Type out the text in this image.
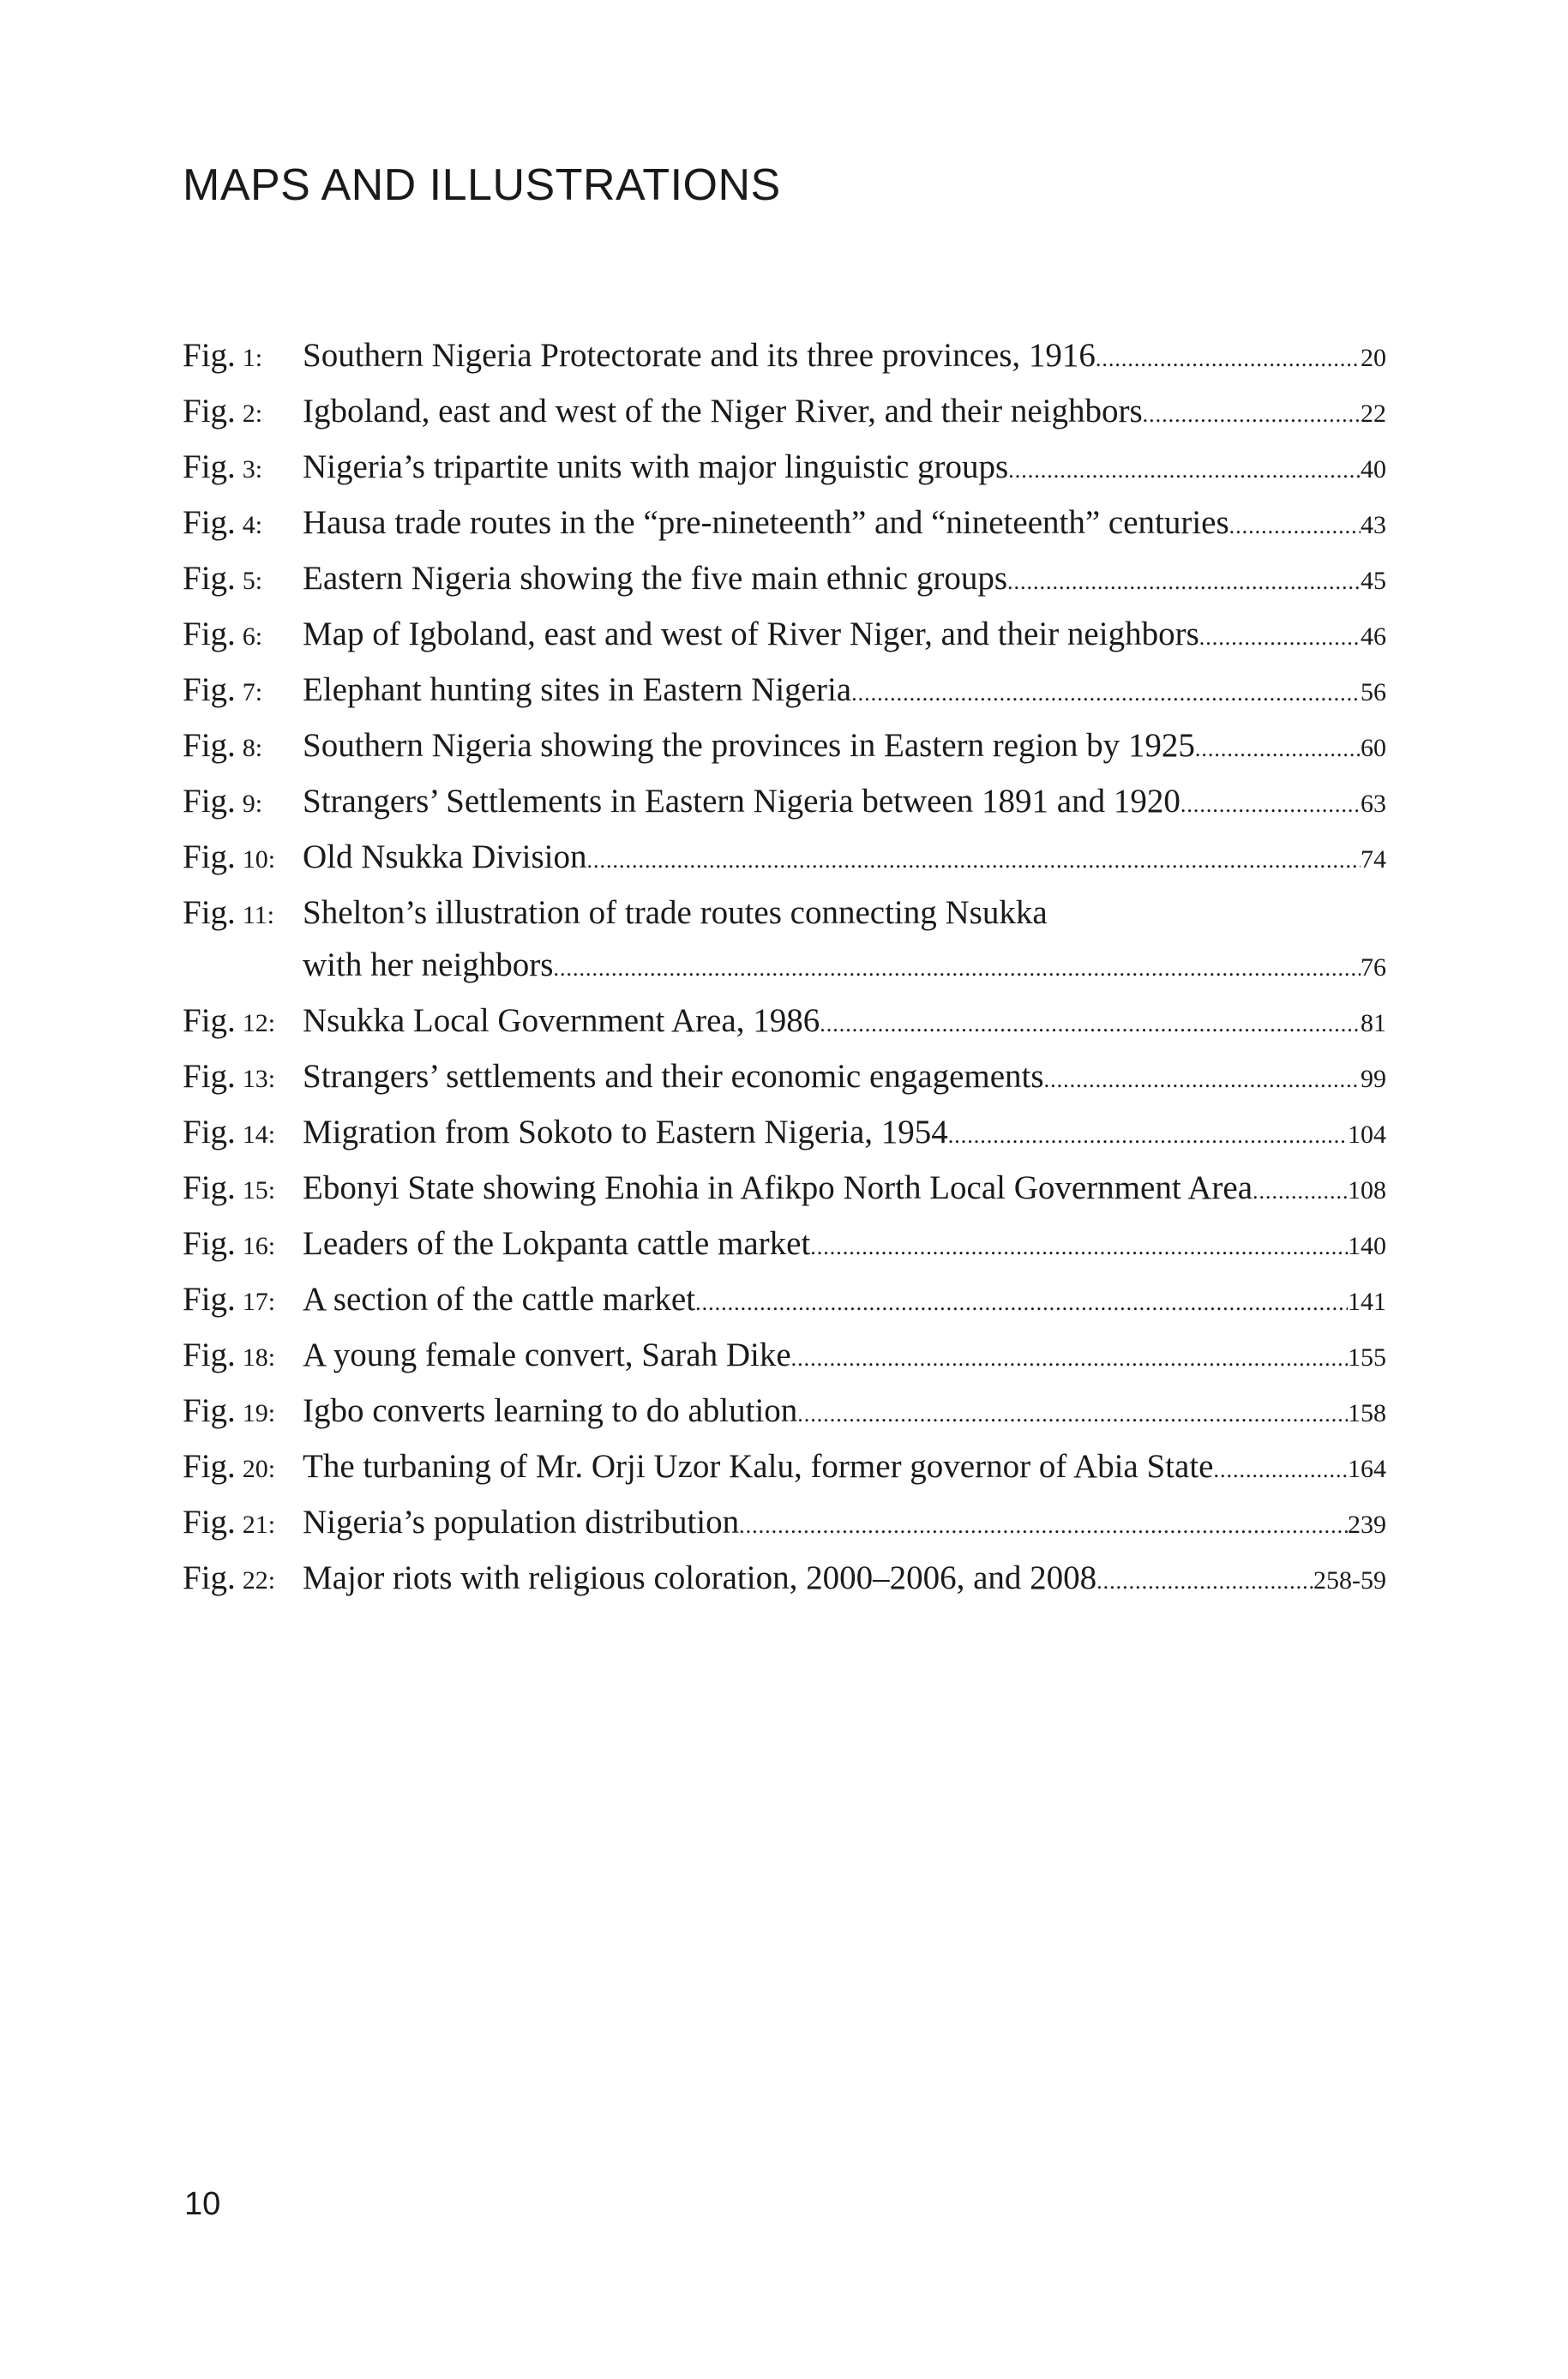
MAPS AND ILLUSTRATIONS
Fig. 1:	Southern Nigeria Protectorate and its three provinces, 1916 .....	20
Fig. 2:	Igboland, east and west of the Niger River, and their neighbors .....	22
Fig. 3:	Nigeria’s tripartite units with major linguistic groups .....	40
Fig. 4:	Hausa trade routes in the “pre-nineteenth” and “nineteenth” centuries .....	43
Fig. 5:	Eastern Nigeria showing the five main ethnic groups .....	45
Fig. 6:	Map of Igboland, east and west of River Niger, and their neighbors .....	46
Fig. 7:	Elephant hunting sites in Eastern Nigeria .....	56
Fig. 8:	Southern Nigeria showing the provinces in Eastern region by 1925 .....	60
Fig. 9:	Strangers’ Settlements in Eastern Nigeria between 1891 and 1920 .....	63
Fig. 10: Old Nsukka Division .....	74
Fig. 11: Shelton’s illustration of trade routes connecting Nsukka
with her neighbors .....	76
Fig. 12: Nsukka Local Government Area, 1986 .....	81
Fig. 13: Strangers’ settlements and their economic engagements .....	99
Fig. 14: Migration from Sokoto to Eastern Nigeria, 1954 .....	104
Fig. 15: Ebonyi State showing Enohia in Afikpo North Local Government Area .....	108
Fig. 16: Leaders of the Lokpanta cattle market .....	140
Fig. 17: A section of the cattle market .....	141
Fig. 18: A young female convert, Sarah Dike .....	155
Fig. 19: Igbo converts learning to do ablution .....	158
Fig. 20: The turbaning of Mr. Orji Uzor Kalu, former governor of Abia State .....	164
Fig. 21: Nigeria’s population distribution .....	239
Fig. 22: Major riots with religious coloration, 2000–2006, and 2008 .....	258-59

10
